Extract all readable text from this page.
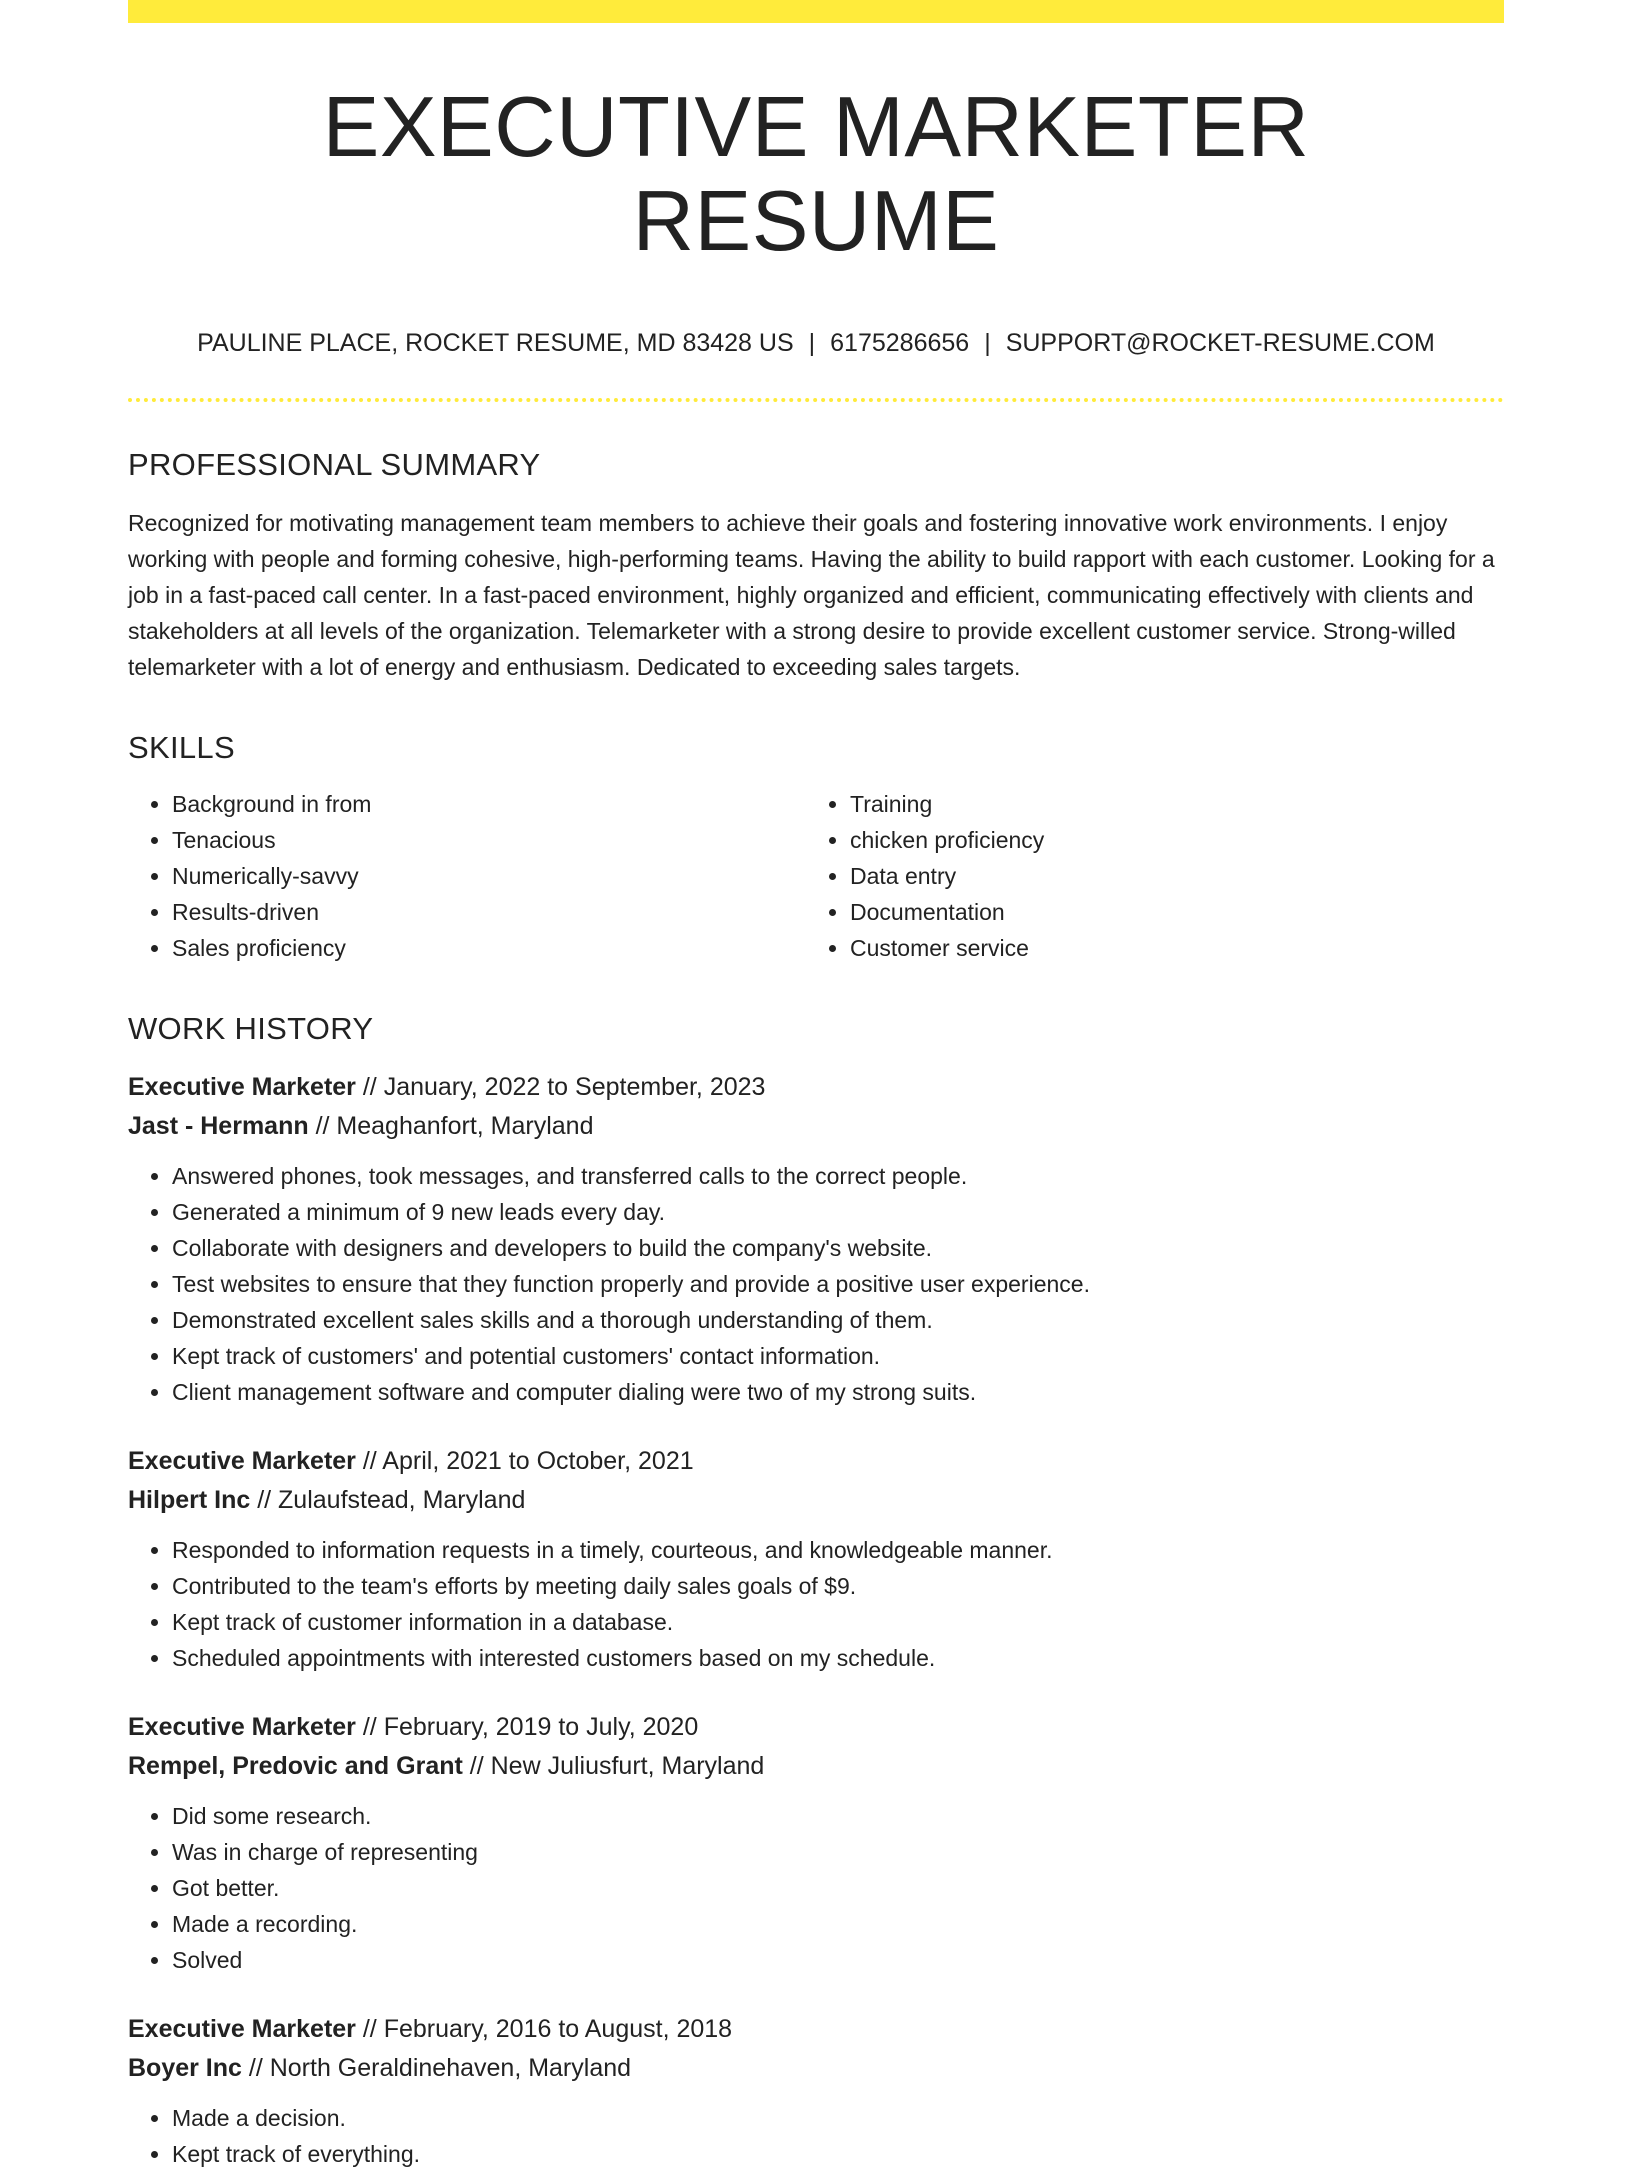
EXECUTIVE MARKETER RESUME
PAULINE PLACE, ROCKET RESUME, MD 83428 US | 6175286656 | SUPPORT@ROCKET-RESUME.COM
PROFESSIONAL SUMMARY

Recognized for motivating management team members to achieve their goals and fostering innovative work environments. I enjoy working with people and forming cohesive, high-performing teams. Having the ability to build rapport with each customer. Looking for a job in a fast-paced call center. In a fast-paced environment, highly organized and efficient, communicating effectively with clients and stakeholders at all levels of the organization. Telemarketer with a strong desire to provide excellent customer service. Strong-willed telemarketer with a lot of energy and enthusiasm. Dedicated to exceeding sales targets.

SKILLS
• Background in from
• Tenacious
• Numerically-savvy
• Results-driven
• Sales proficiency
• Training
• chicken proficiency
• Data entry
• Documentation
• Customer service
WORK HISTORY
Executive Marketer // January, 2022 to September, 2023
Jast - Hermann // Meaghanfort, Maryland
• Answered phones, took messages, and transferred calls to the correct people.
• Generated a minimum of 9 new leads every day.
• Collaborate with designers and developers to build the company's website.
• Test websites to ensure that they function properly and provide a positive user experience.
• Demonstrated excellent sales skills and a thorough understanding of them.
• Kept track of customers' and potential customers' contact information.
• Client management software and computer dialing were two of my strong suits.
Executive Marketer // April, 2021 to October, 2021
Hilpert Inc // Zulaufstead, Maryland
• Responded to information requests in a timely, courteous, and knowledgeable manner.
• Contributed to the team's efforts by meeting daily sales goals of $9.
• Kept track of customer information in a database.
• Scheduled appointments with interested customers based on my schedule.
Executive Marketer // February, 2019 to July, 2020
Rempel, Predovic and Grant // New Juliusfurt, Maryland
• Did some research.
• Was in charge of representing
• Got better.
• Made a recording.
• Solved
Executive Marketer // February, 2016 to August, 2018
Boyer Inc // North Geraldinehaven, Maryland
• Made a decision.
• Kept track of everything.
